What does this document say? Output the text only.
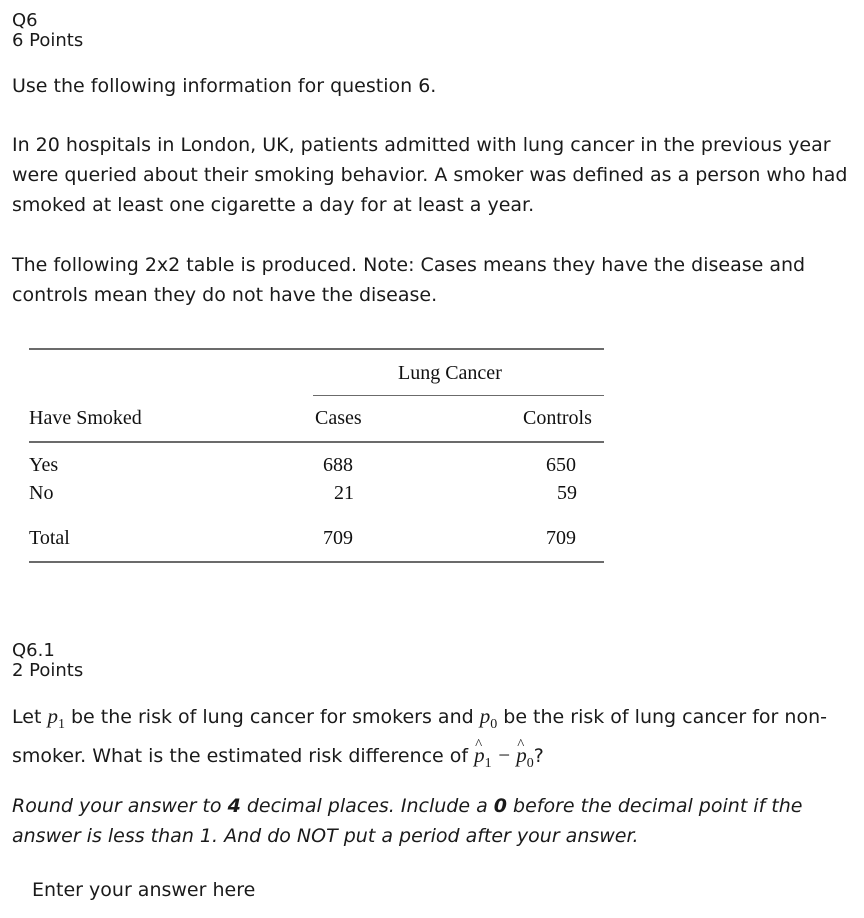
Q6
6 Points
Use the following information for question 6.
In 20 hospitals in London, UK, patients admitted with lung cancer in the previous year were queried about their smoking behavior. A smoker was defined as a person who had smoked at least one cigarette a day for at least a year.
The following 2x2 table is produced. Note: Cases means they have the disease and controls mean they do not have the disease.
Lung Cancer
Have Smoked	Cases	Controls
Yes	688	650
No	21	59
Total	709	709
Q6.1
2 Points
Let $p_1$ be the risk of lung cancer for smokers and $p_0$ be the risk of lung cancer for non-smoker. What is the estimated risk difference of ^ $p_1$ − ^ $p_0$?
Round your answer to 4 decimal places. Include a 0 before the decimal point if the answer is less than 1. And do NOT put a period after your answer.
Enter your answer here
